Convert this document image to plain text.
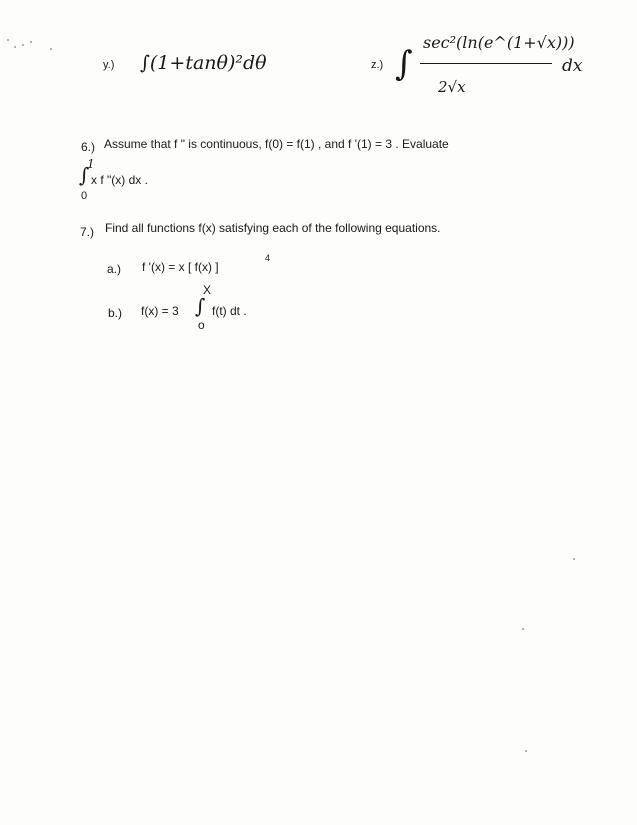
y.) ∫(1+tanθ)²dθ	z.) ∫
sec²(ln(e^(1+√x)))
dx
2√x
6.) Assume that f " is continuous, f(0) = f(1) , and f '(1) = 3 . Evaluate
1
∫ x f "(x) dx .
0
7.) Find all functions f(x) satisfying each of the following equations.
a.) f '(x) = x [ f(x) ]
4
b.) f(x) = 3
X
∫ f(t) dt .
o
